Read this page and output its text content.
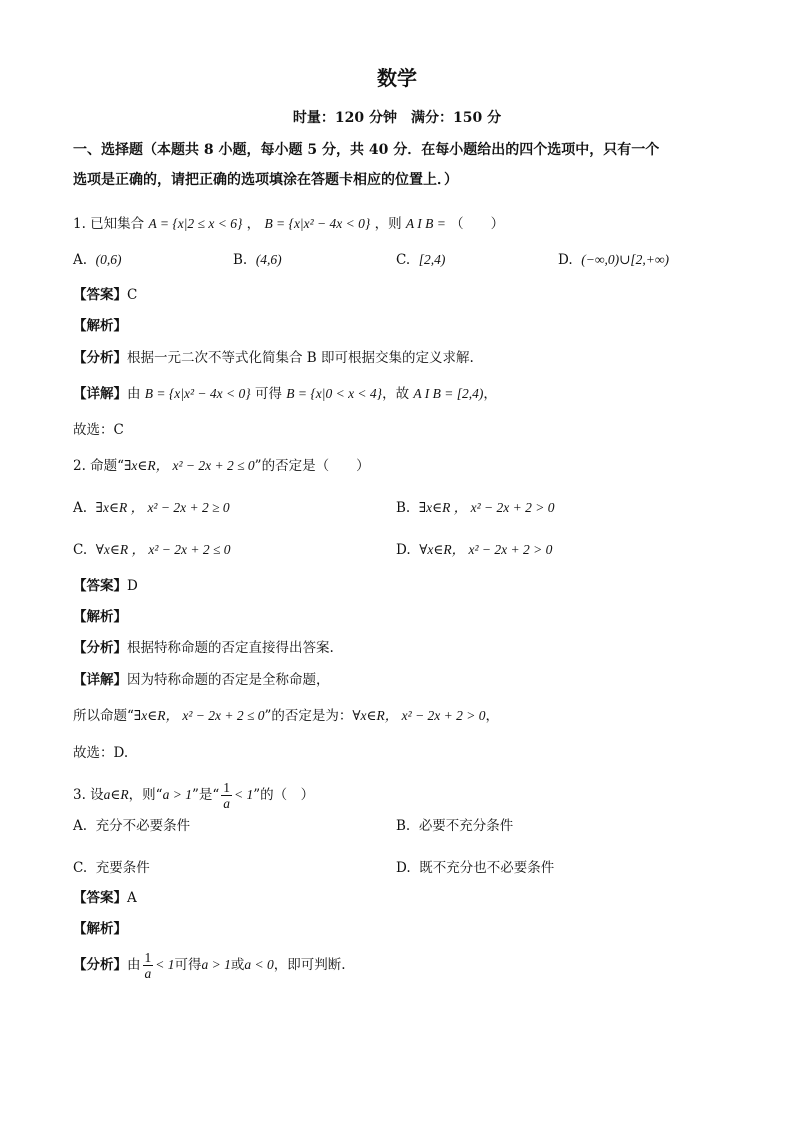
数学
时量：120 分钟　满分：150 分
一、选择题（本题共 8 小题，每小题 5 分，共 40 分．在每小题给出的四个选项中，只有一个
选项是正确的，请把正确的选项填涂在答题卡相应的位置上．）
1. 已知集合 A = {x|2 ≤ x < 6} ， B = {x|x² − 4x < 0} ，则 A I B = （　　）
A. (0,6)	B. (4,6)	C. [2,4)	D. (−∞,0)∪[2,+∞)
【答案】C
【解析】
【分析】根据一元二次不等式化简集合 B 即可根据交集的定义求解.
【详解】由 B = {x|x² − 4x < 0} 可得 B = {x|0 < x < 4}，故 A I B = [2,4)，
故选：C
2. 命题“∃x∈R， x² − 2x + 2 ≤ 0”的否定是（　　）
A. ∃x∈R ， x² − 2x + 2 ≥ 0	B. ∃x∈R ， x² − 2x + 2 > 0
C. ∀x∈R ， x² − 2x + 2 ≤ 0	D. ∀x∈R， x² − 2x + 2 > 0
【答案】D
【解析】
【分析】根据特称命题的否定直接得出答案.
【详解】因为特称命题的否定是全称命题，
所以命题“∃x∈R， x² − 2x + 2 ≤ 0”的否定是为：∀x∈R， x² − 2x + 2 > 0，
故选：D.
3. 设a∈R，则“a > 1”是“ $\frac{1}{a} < 1$”的（　）
A. 充分不必要条件	B. 必要不充分条件
C. 充要条件	D. 既不充分也不必要条件
【答案】A
【解析】
【分析】由 $\frac{1}{a} < 1$可得a > 1或a < 0，即可判断.
